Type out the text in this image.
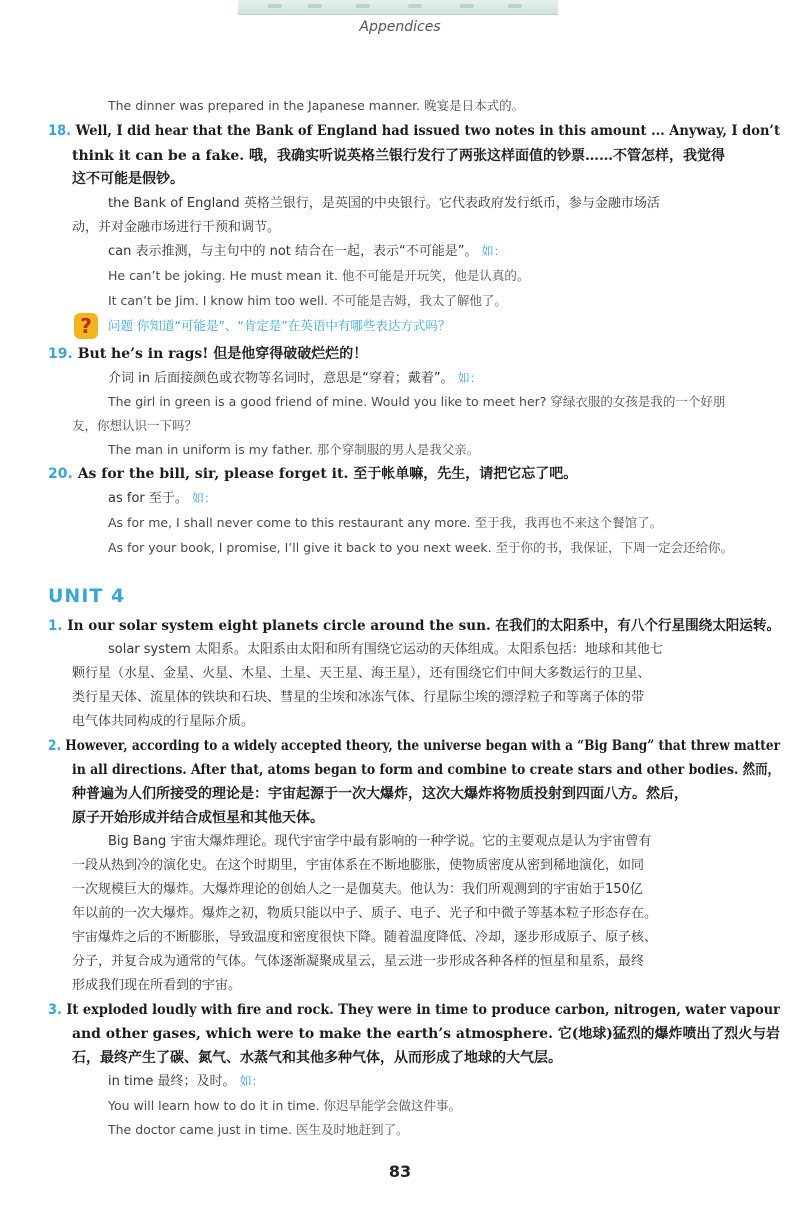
Appendices
The dinner was prepared in the Japanese manner. 晚宴是日本式的。
18. Well, I did hear that the Bank of England had issued two notes in this amount ... Anyway, I don’t
think it can be a fake. 哦，我确实听说英格兰银行发行了两张这样面值的钞票……不管怎样，我觉得
这不可能是假钞。
the Bank of England 英格兰银行，是英国的中央银行。它代表政府发行纸币，参与金融市场活
动，并对金融市场进行干预和调节。
can 表示推测，与主句中的 not 结合在一起，表示“不可能是”。 如：
He can’t be joking. He must mean it. 他不可能是开玩笑，他是认真的。
It can’t be Jim. I know him too well. 不可能是吉姆，我太了解他了。
?	问题 你知道“可能是”、“肯定是”在英语中有哪些表达方式吗？
19. But he’s in rags! 但是他穿得破破烂烂的！
介词 in 后面接颜色或衣物等名词时，意思是“穿着；戴着”。 如：
The girl in green is a good friend of mine. Would you like to meet her? 穿绿衣服的女孩是我的一个好朋
友，你想认识一下吗？
The man in uniform is my father. 那个穿制服的男人是我父亲。
20. As for the bill, sir, please forget it. 至于帐单嘛，先生，请把它忘了吧。
as for 至于。 如：
As for me, I shall never come to this restaurant any more. 至于我，我再也不来这个餐馆了。
As for your book, I promise, I’ll give it back to you next week. 至于你的书，我保证，下周一定会还给你。
UNIT 4
1. In our solar system eight planets circle around the sun. 在我们的太阳系中，有八个行星围绕太阳运转。
solar system 太阳系。太阳系由太阳和所有围绕它运动的天体组成。太阳系包括：地球和其他七
颗行星（水星、金星、火星、木星、土星、天王星、海王星），还有围绕它们中间大多数运行的卫星、
类行星天体、流星体的铁块和石块、彗星的尘埃和冰冻气体、行星际尘埃的漂浮粒子和等离子体的带
电气体共同构成的行星际介质。
2. However, according to a widely accepted theory, the universe began with a “Big Bang” that threw matter
in all directions. After that, atoms began to form and combine to create stars and other bodies. 然而，
种普遍为人们所接受的理论是：宇宙起源于一次大爆炸，这次大爆炸将物质投射到四面八方。然后，
原子开始形成并结合成恒星和其他天体。
Big Bang 宇宙大爆炸理论。现代宇宙学中最有影响的一种学说。它的主要观点是认为宇宙曾有
一段从热到冷的演化史。在这个时期里，宇宙体系在不断地膨胀，使物质密度从密到稀地演化，如同
一次规模巨大的爆炸。大爆炸理论的创始人之一是伽莫夫。他认为：我们所观测到的宇宙始于150亿
年以前的一次大爆炸。爆炸之初，物质只能以中子、质子、电子、光子和中微子等基本粒子形态存在。
宇宙爆炸之后的不断膨胀，导致温度和密度很快下降。随着温度降低、冷却，逐步形成原子、原子核、
分子，并复合成为通常的气体。气体逐渐凝聚成星云，星云进一步形成各种各样的恒星和星系，最终
形成我们现在所看到的宇宙。
3. It exploded loudly with fire and rock. They were in time to produce carbon, nitrogen, water vapour
and other gases, which were to make the earth’s atmosphere. 它(地球)猛烈的爆炸喷出了烈火与岩
石，最终产生了碳、氮气、水蒸气和其他多种气体，从而形成了地球的大气层。
in time 最终；及时。 如：
You will learn how to do it in time. 你迟早能学会做这件事。
The doctor came just in time. 医生及时地赶到了。
83
